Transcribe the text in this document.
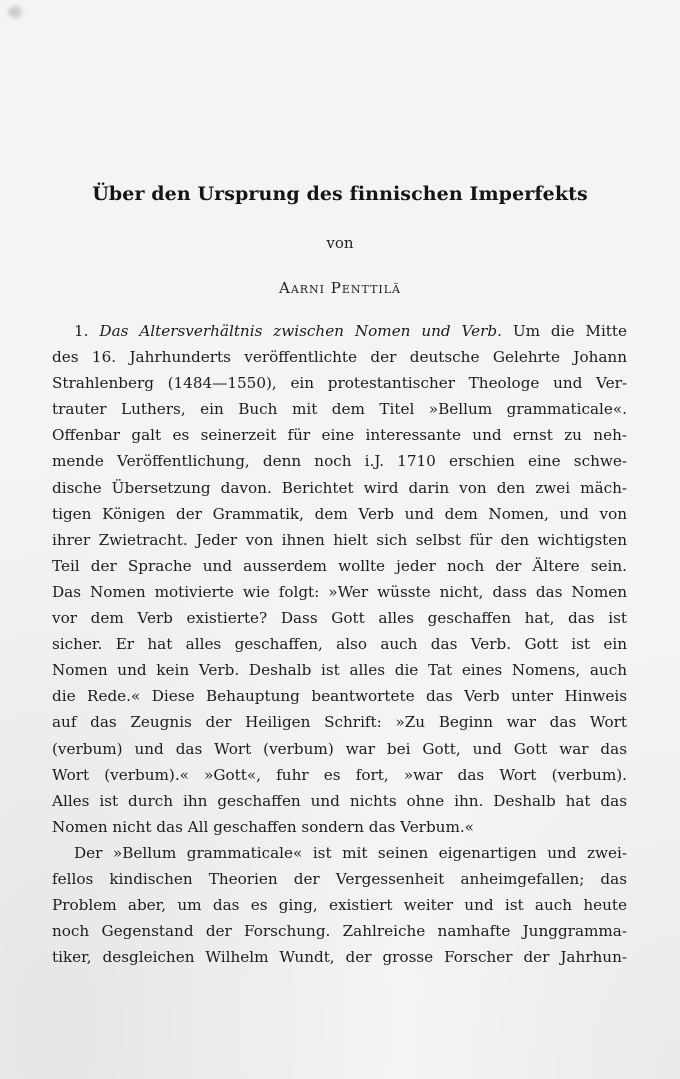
Über den Ursprung des finnischen Imperfekts
von
Aarni Penttilä
1. Das Altersverhältnis zwischen Nomen und Verb. Um die Mitte
des 16. Jahrhunderts veröffentlichte der deutsche Gelehrte Johann
Strahlenberg (1484—1550), ein protestantischer Theologe und Ver-
trauter Luthers, ein Buch mit dem Titel »Bellum grammaticale«.
Offenbar galt es seinerzeit für eine interessante und ernst zu neh-
mende Veröffentlichung, denn noch i.J. 1710 erschien eine schwe-
dische Übersetzung davon. Berichtet wird darin von den zwei mäch-
tigen Königen der Grammatik, dem Verb und dem Nomen, und von
ihrer Zwietracht. Jeder von ihnen hielt sich selbst für den wichtigsten
Teil der Sprache und ausserdem wollte jeder noch der Ältere sein.
Das Nomen motivierte wie folgt: »Wer wüsste nicht, dass das Nomen
vor dem Verb existierte? Dass Gott alles geschaffen hat, das ist
sicher. Er hat alles geschaffen, also auch das Verb. Gott ist ein
Nomen und kein Verb. Deshalb ist alles die Tat eines Nomens, auch
die Rede.« Diese Behauptung beantwortete das Verb unter Hinweis
auf das Zeugnis der Heiligen Schrift: »Zu Beginn war das Wort
(verbum) und das Wort (verbum) war bei Gott, und Gott war das
Wort (verbum).« »Gott«, fuhr es fort, »war das Wort (verbum).
Alles ist durch ihn geschaffen und nichts ohne ihn. Deshalb hat das
Nomen nicht das All geschaffen sondern das Verbum.«
Der »Bellum grammaticale« ist mit seinen eigenartigen und zwei-
fellos kindischen Theorien der Vergessenheit anheimgefallen; das
Problem aber, um das es ging, existiert weiter und ist auch heute
noch Gegenstand der Forschung. Zahlreiche namhafte Junggramma-
tiker, desgleichen Wilhelm Wundt, der grosse Forscher der Jahrhun-
